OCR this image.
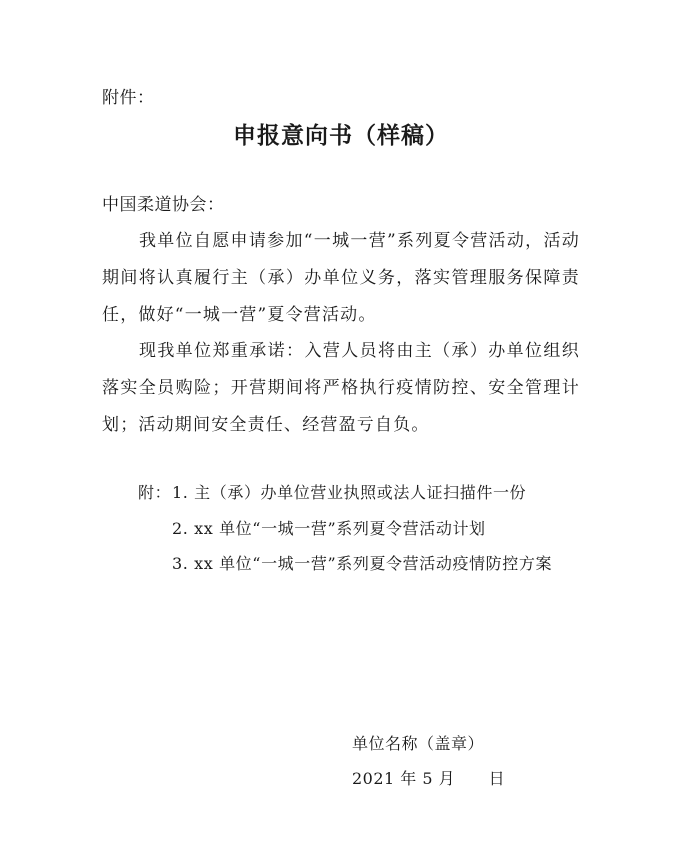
附件：
申报意向书（样稿）
中国柔道协会：
我单位自愿申请参加“一城一营”系列夏令营活动，活动期间将认真履行主（承）办单位义务，落实管理服务保障责任，做好“一城一营”夏令营活动。
现我单位郑重承诺：入营人员将由主（承）办单位组织落实全员购险；开营期间将严格执行疫情防控、安全管理计划；活动期间安全责任、经营盈亏自负。
附： 1. 主（承）办单位营业执照或法人证扫描件一份
2. xx 单位“一城一营”系列夏令营活动计划
3. xx 单位“一城一营”系列夏令营活动疫情防控方案
单位名称（盖章）
2021 年 5 月      日
